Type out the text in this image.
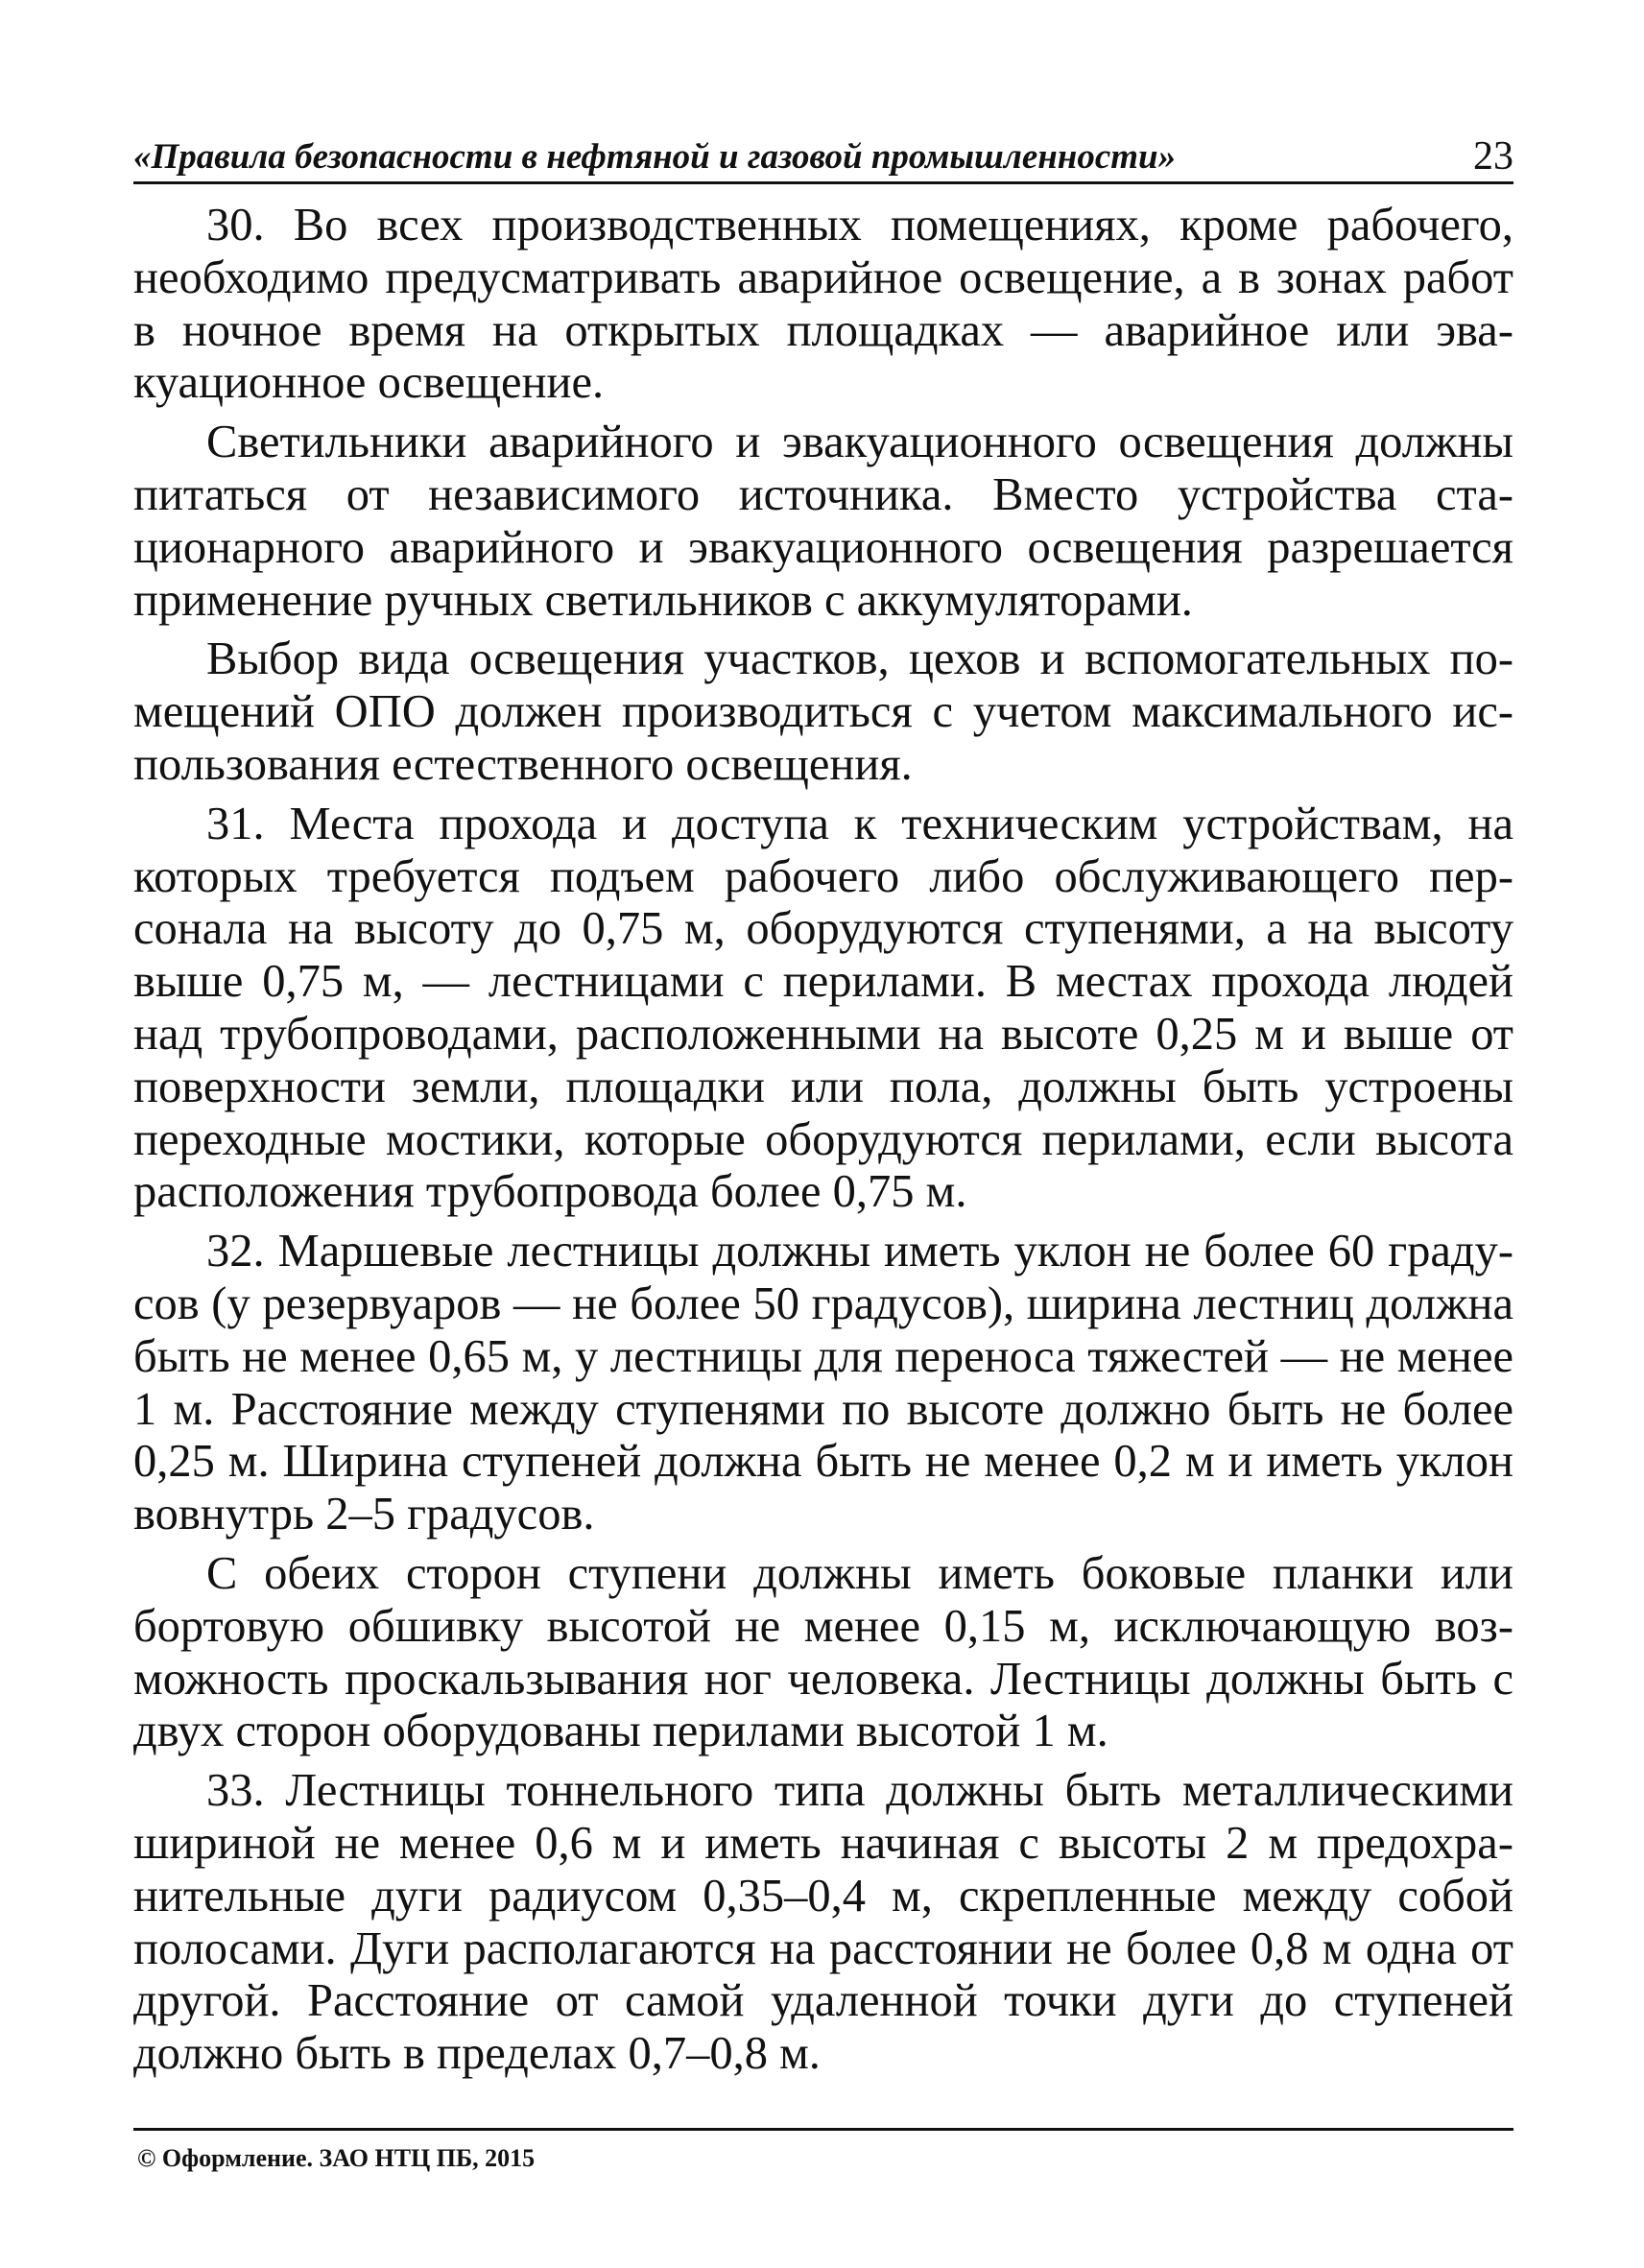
«Правила безопасности в нефтяной и газовой промышленности»	23

30. Во всех производственных помещениях, кроме рабочего, необходимо предусматривать аварийное освещение, а в зонах работ в ночное время на открытых площадках — аварийное или эвакуационное освещение.

Светильники аварийного и эвакуационного освещения должны питаться от независимого источника. Вместо устройства стационарного аварийного и эвакуационного освещения разрешается применение ручных светильников с аккумуляторами.

Выбор вида освещения участков, цехов и вспомогательных помещений ОПО должен производиться с учетом максимального использования естественного освещения.

31. Места прохода и доступа к техническим устройствам, на которых требуется подъем рабочего либо обслуживающего персонала на высоту до 0,75 м, оборудуются ступенями, а на высоту выше 0,75 м, — лестницами с перилами. В местах прохода людей над трубопроводами, расположенными на высоте 0,25 м и выше от поверхности земли, площадки или пола, должны быть устроены переходные мостики, которые оборудуются перилами, если высота расположения трубопровода более 0,75 м.

32. Маршевые лестницы должны иметь уклон не более 60 градусов (у резервуаров — не более 50 градусов), ширина лестниц должна быть не менее 0,65 м, у лестницы для переноса тяжестей — не менее 1 м. Расстояние между ступенями по высоте должно быть не более 0,25 м. Ширина ступеней должна быть не менее 0,2 м и иметь уклон вовнутрь 2–5 градусов.

С обеих сторон ступени должны иметь боковые планки или бортовую обшивку высотой не менее 0,15 м, исключающую возможность проскальзывания ног человека. Лестницы должны быть с двух сторон оборудованы перилами высотой 1 м.

33. Лестницы тоннельного типа должны быть металлическими шириной не менее 0,6 м и иметь начиная с высоты 2 м предохранительные дуги радиусом 0,35–0,4 м, скрепленные между собой полосами. Дуги располагаются на расстоянии не более 0,8 м одна от другой. Расстояние от самой удаленной точки дуги до ступеней должно быть в пределах 0,7–0,8 м.

© Оформление. ЗАО НТЦ ПБ, 2015
